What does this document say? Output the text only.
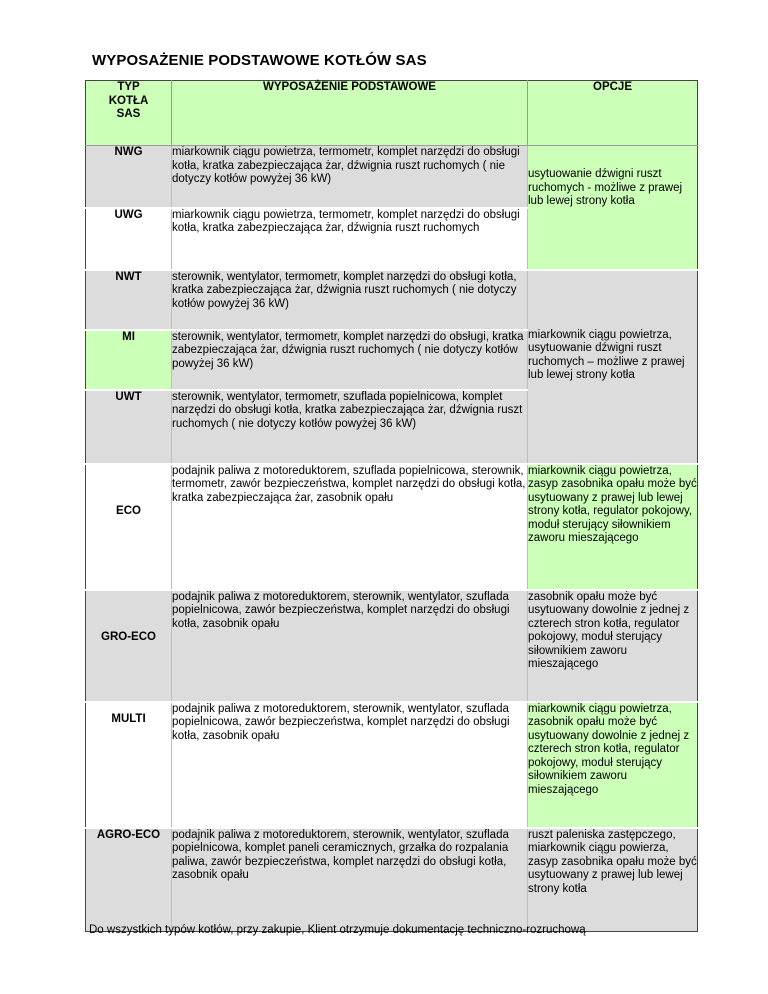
WYPOSAŻENIE PODSTAWOWE KOTŁÓW SAS
TYP
KOTŁA
SAS	WYPOSAŻENIE PODSTAWOWE	OPCJE
NWG	miarkownik ciągu powietrza, termometr, komplet narzędzi do obsługi kotła, kratka zabezpieczająca żar, dźwignia ruszt ruchomych ( nie dotyczy kotłów powyżej 36 kW)	usytuowanie dźwigni ruszt ruchomych - możliwe z prawej lub lewej strony kotła
UWG	miarkownik ciągu powietrza, termometr, komplet narzędzi do obsługi kotła, kratka zabezpieczająca żar, dźwignia ruszt ruchomych	
NWT	sterownik, wentylator, termometr, komplet narzędzi do obsługi kotła, kratka zabezpieczająca żar, dźwignia ruszt ruchomych ( nie dotyczy kotłów powyżej 36 kW)	miarkownik ciągu powietrza, usytuowanie dźwigni ruszt ruchomych – możliwe z prawej lub lewej strony kotła
MI	sterownik, wentylator, termometr, komplet narzędzi do obsługi, kratka zabezpieczająca żar, dźwignia ruszt ruchomych ( nie dotyczy kotłów powyżej 36 kW)	
UWT	sterownik, wentylator, termometr, szuflada popielnicowa, komplet narzędzi do obsługi kotła, kratka zabezpieczająca żar, dźwignia ruszt ruchomych ( nie dotyczy kotłów powyżej 36 kW)	
ECO	podajnik paliwa z motoreduktorem, szuflada popielnicowa, sterownik, termometr, zawór bezpieczeństwa, komplet narzędzi do obsługi kotła, kratka zabezpieczająca żar, zasobnik opału	miarkownik ciągu powietrza, zasyp zasobnika opału może być usytuowany z prawej lub lewej strony kotła, regulator pokojowy, moduł sterujący siłownikiem zaworu mieszającego
GRO-ECO	podajnik paliwa z motoreduktorem, sterownik, wentylator, szuflada popielnicowa, zawór bezpieczeństwa, komplet narzędzi do obsługi kotła, zasobnik opału	zasobnik opału może być usytuowany dowolnie z jednej z czterech stron kotła, regulator pokojowy, moduł sterujący siłownikiem zaworu mieszającego
MULTI	podajnik paliwa z motoreduktorem, sterownik, wentylator, szuflada popielnicowa, zawór bezpieczeństwa, komplet narzędzi do obsługi kotła, zasobnik opału	miarkownik ciągu powietrza, zasobnik opału może być usytuowany dowolnie z jednej z czterech stron kotła, regulator pokojowy, moduł sterujący siłownikiem zaworu mieszającego
AGRO-ECO	podajnik paliwa z motoreduktorem, sterownik, wentylator, szuflada popielnicowa, komplet paneli ceramicznych, grzałka do rozpalania paliwa, zawór bezpieczeństwa, komplet narzędzi do obsługi kotła, zasobnik opału	ruszt paleniska zastępczego, miarkownik ciągu powierza, zasyp zasobnika opału może być usytuowany z prawej lub lewej strony kotła
Do wszystkich typów kotłów, przy zakupie, Klient otrzymuje dokumentację techniczno-rozruchową
